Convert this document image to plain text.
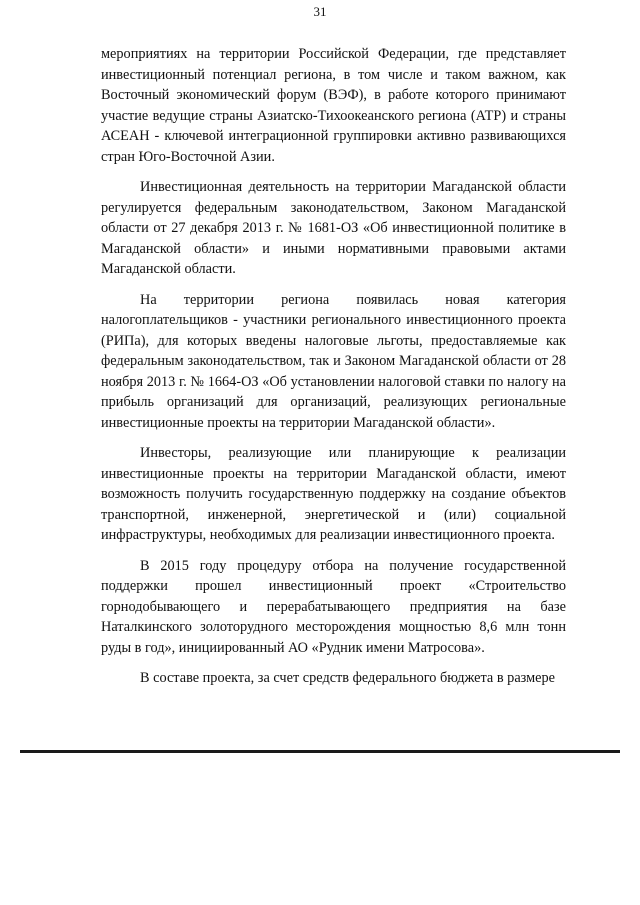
31

мероприятиях на территории Российской Федерации, где представляет инвестиционный потенциал региона, в том числе и таком важном, как Восточный экономический форум (ВЭФ), в работе которого принимают участие ведущие страны Азиатско-Тихоокеанского региона (АТР) и страны АСЕАН - ключевой интеграционной группировки активно развивающихся стран Юго-Восточной Азии.

Инвестиционная деятельность на территории Магаданской области регулируется федеральным законодательством, Законом Магаданской области от 27 декабря 2013 г. № 1681-ОЗ «Об инвестиционной политике в Магаданской области» и иными нормативными правовыми актами Магаданской области.

На территории региона появилась новая категория налогоплательщиков - участники регионального инвестиционного проекта (РИПа), для которых введены налоговые льготы, предоставляемые как федеральным законодательством, так и Законом Магаданской области от 28 ноября 2013 г. № 1664-ОЗ «Об установлении налоговой ставки по налогу на прибыль организаций для организаций, реализующих региональные инвестиционные проекты на территории Магаданской области».

Инвесторы, реализующие или планирующие к реализации инвестиционные проекты на территории Магаданской области, имеют возможность получить государственную поддержку на создание объектов транспортной, инженерной, энергетической и (или) социальной инфраструктуры, необходимых для реализации инвестиционного проекта.

В 2015 году процедуру отбора на получение государственной поддержки прошел инвестиционный проект «Строительство горнодобывающего и перерабатывающего предприятия на базе Наталкинского золоторудного месторождения мощностью 8,6 млн тонн руды в год», инициированный АО «Рудник имени Матросова».

В составе проекта, за счет средств федерального бюджета в размере
